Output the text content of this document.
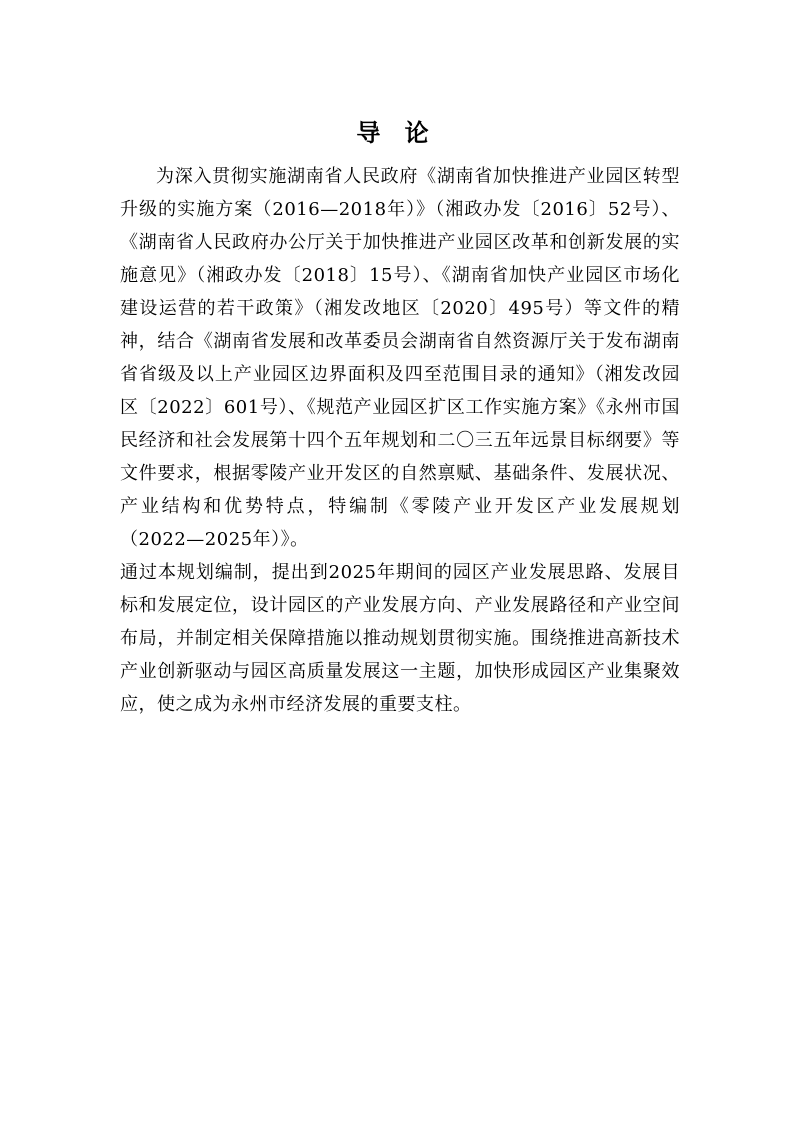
导 论

为深入贯彻实施湖南省人民政府《湖南省加快推进产业园区转型升级的实施方案（2016—2018年）》（湘政办发〔2016〕52号）、《湖南省人民政府办公厅关于加快推进产业园区改革和创新发展的实施意见》（湘政办发〔2018〕15号）、《湖南省加快产业园区市场化建设运营的若干政策》（湘发改地区〔2020〕495号）等文件的精神，结合《湖南省发展和改革委员会湖南省自然资源厅关于发布湖南省省级及以上产业园区边界面积及四至范围目录的通知》（湘发改园区〔2022〕601号）、《规范产业园区扩区工作实施方案》《永州市国民经济和社会发展第十四个五年规划和二〇三五年远景目标纲要》等文件要求，根据零陵产业开发区的自然禀赋、基础条件、发展状况、产业结构和优势特点，特编制《零陵产业开发区产业发展规划（2022—2025年）》。

通过本规划编制，提出到2025年期间的园区产业发展思路、发展目标和发展定位，设计园区的产业发展方向、产业发展路径和产业空间布局，并制定相关保障措施以推动规划贯彻实施。围绕推进高新技术产业创新驱动与园区高质量发展这一主题，加快形成园区产业集聚效应，使之成为永州市经济发展的重要支柱。
